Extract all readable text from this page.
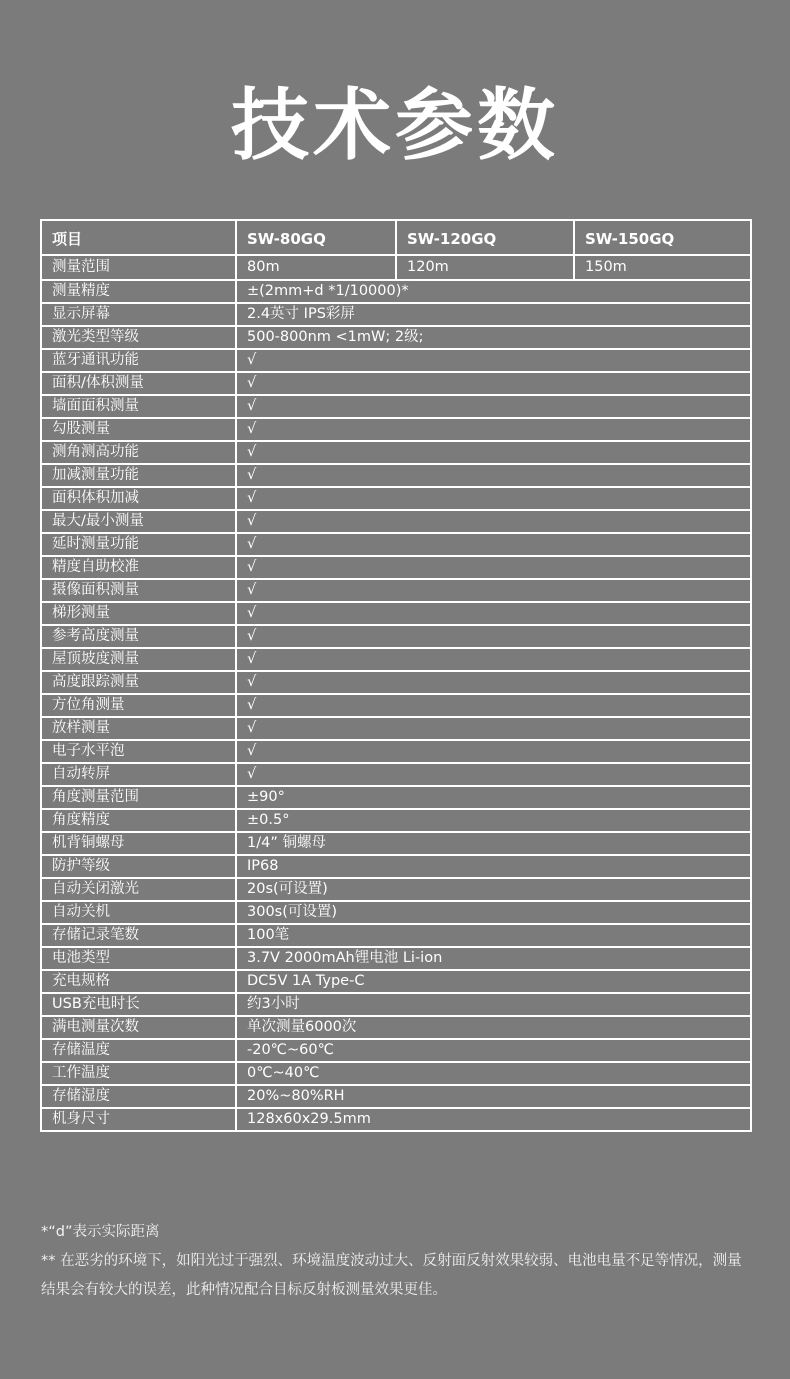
技术参数
项目	SW-80GQ	SW-120GQ	SW-150GQ
测量范围	80m	120m	150m
测量精度	±(2mm+d *1/10000)*		
显示屏幕	2.4英寸 IPS彩屏		
激光类型等级	500-800nm <1mW; 2级;		
蓝牙通讯功能	√		
面积/体积测量	√		
墙面面积测量	√		
勾股测量	√		
测角测高功能	√		
加减测量功能	√		
面积体积加减	√		
最大/最小测量	√		
延时测量功能	√		
精度自助校准	√		
摄像面积测量	√		
梯形测量	√		
参考高度测量	√		
屋顶坡度测量	√		
高度跟踪测量	√		
方位角测量	√		
放样测量	√		
电子水平泡	√		
自动转屏	√		
角度测量范围	±90°		
角度精度	±0.5°		
机背铜螺母	1/4” 铜螺母		
防护等级	IP68		
自动关闭激光	20s(可设置)		
自动关机	300s(可设置)		
存储记录笔数	100笔		
电池类型	3.7V 2000mAh锂电池 Li-ion		
充电规格	DC5V 1A Type-C		
USB充电时长	约3小时		
满电测量次数	单次测量6000次		
存储温度	-20℃~60℃		
工作温度	0℃~40℃		
存储湿度	20%~80%RH		
机身尺寸	128x60x29.5mm		

*“d”表示实际距离

** 在恶劣的环境下，如阳光过于强烈、环境温度波动过大、反射面反射效果较弱、电池电量不足等情况，测量结果会有较大的误差，此种情况配合目标反射板测量效果更佳。
